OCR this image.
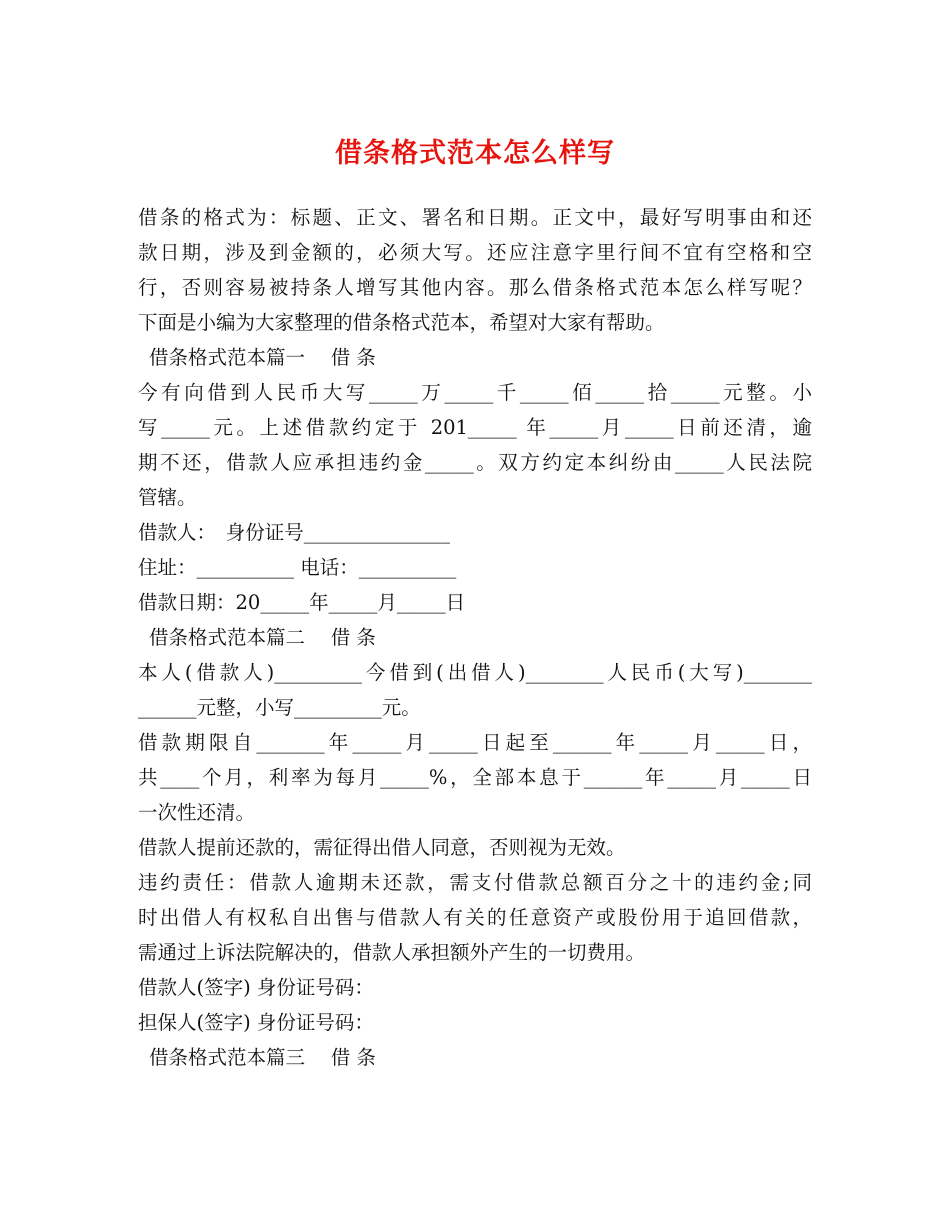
借条格式范本怎么样写
借条的格式为：标题、正文、署名和日期。正文中，最好写明事由和还
款日期，涉及到金额的，必须大写。还应注意字里行间不宜有空格和空
行，否则容易被持条人增写其他内容。那么借条格式范本怎么样写呢？
下面是小编为大家整理的借条格式范本，希望对大家有帮助。
借条格式范本篇一　 借 条
今有向借到人民币大写_____万_____千_____佰_____拾_____元整。小
写_____元。上述借款约定于 201_____ 年_____月_____日前还清，逾
期不还，借款人应承担违约金_____。双方约定本纠纷由_____人民法院
管辖。
借款人：　身份证号_______________
住址：__________ 电话：__________
借款日期：20_____年_____月_____日
借条格式范本篇二　 借 条
本人(借款人)_________今借到(出借人)________人民币(大写)_______
______元整，小写_________元。
借款期限自_______年_____月_____日起至______年_____月_____日，
共____个月，利率为每月_____%，全部本息于______年_____月_____日
一次性还清。
借款人提前还款的，需征得出借人同意，否则视为无效。
违约责任：借款人逾期未还款，需支付借款总额百分之十的违约金;同
时出借人有权私自出售与借款人有关的任意资产或股份用于追回借款，
需通过上诉法院解决的，借款人承担额外产生的一切费用。
借款人(签字) 身份证号码：
担保人(签字) 身份证号码：
借条格式范本篇三　 借 条
